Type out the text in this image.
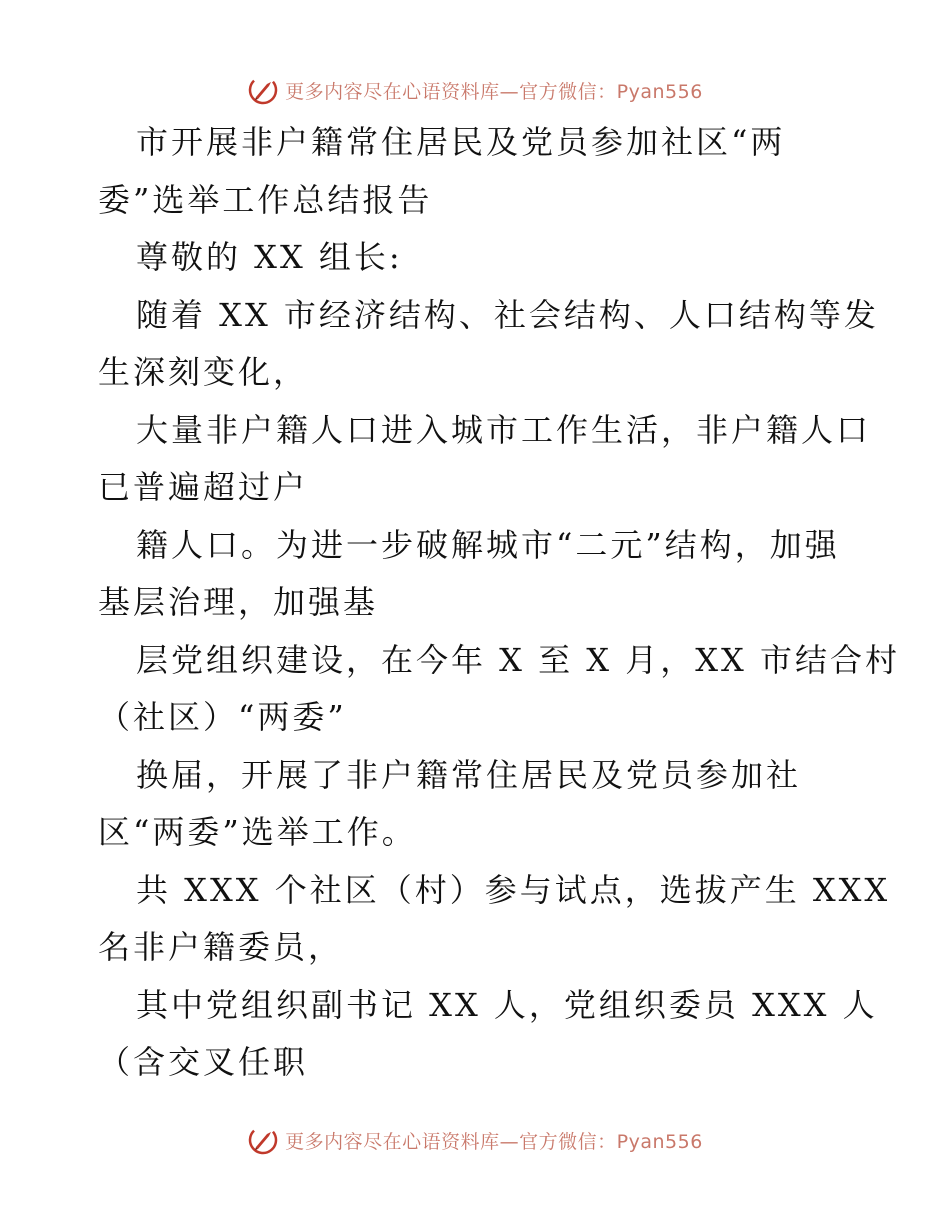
更多内容尽在心语资料库—官方微信：Pyan556
市开展非户籍常住居民及党员参加社区“两
委”选举工作总结报告
尊敬的 XX 组长:
随着 XX 市经济结构、社会结构、人口结构等发
生深刻变化，
大量非户籍人口进入城市工作生活，非户籍人口
已普遍超过户
籍人口。为进一步破解城市“二元”结构，加强
基层治理，加强基
层党组织建设，在今年 X 至 X 月，XX 市结合村
（社区）“两委”
换届，开展了非户籍常住居民及党员参加社
区“两委”选举工作。
共 XXX 个社区（村）参与试点，选拔产生 XXX
名非户籍委员，
其中党组织副书记 XX 人，党组织委员 XXX 人
（含交叉任职
更多内容尽在心语资料库—官方微信：Pyan556
